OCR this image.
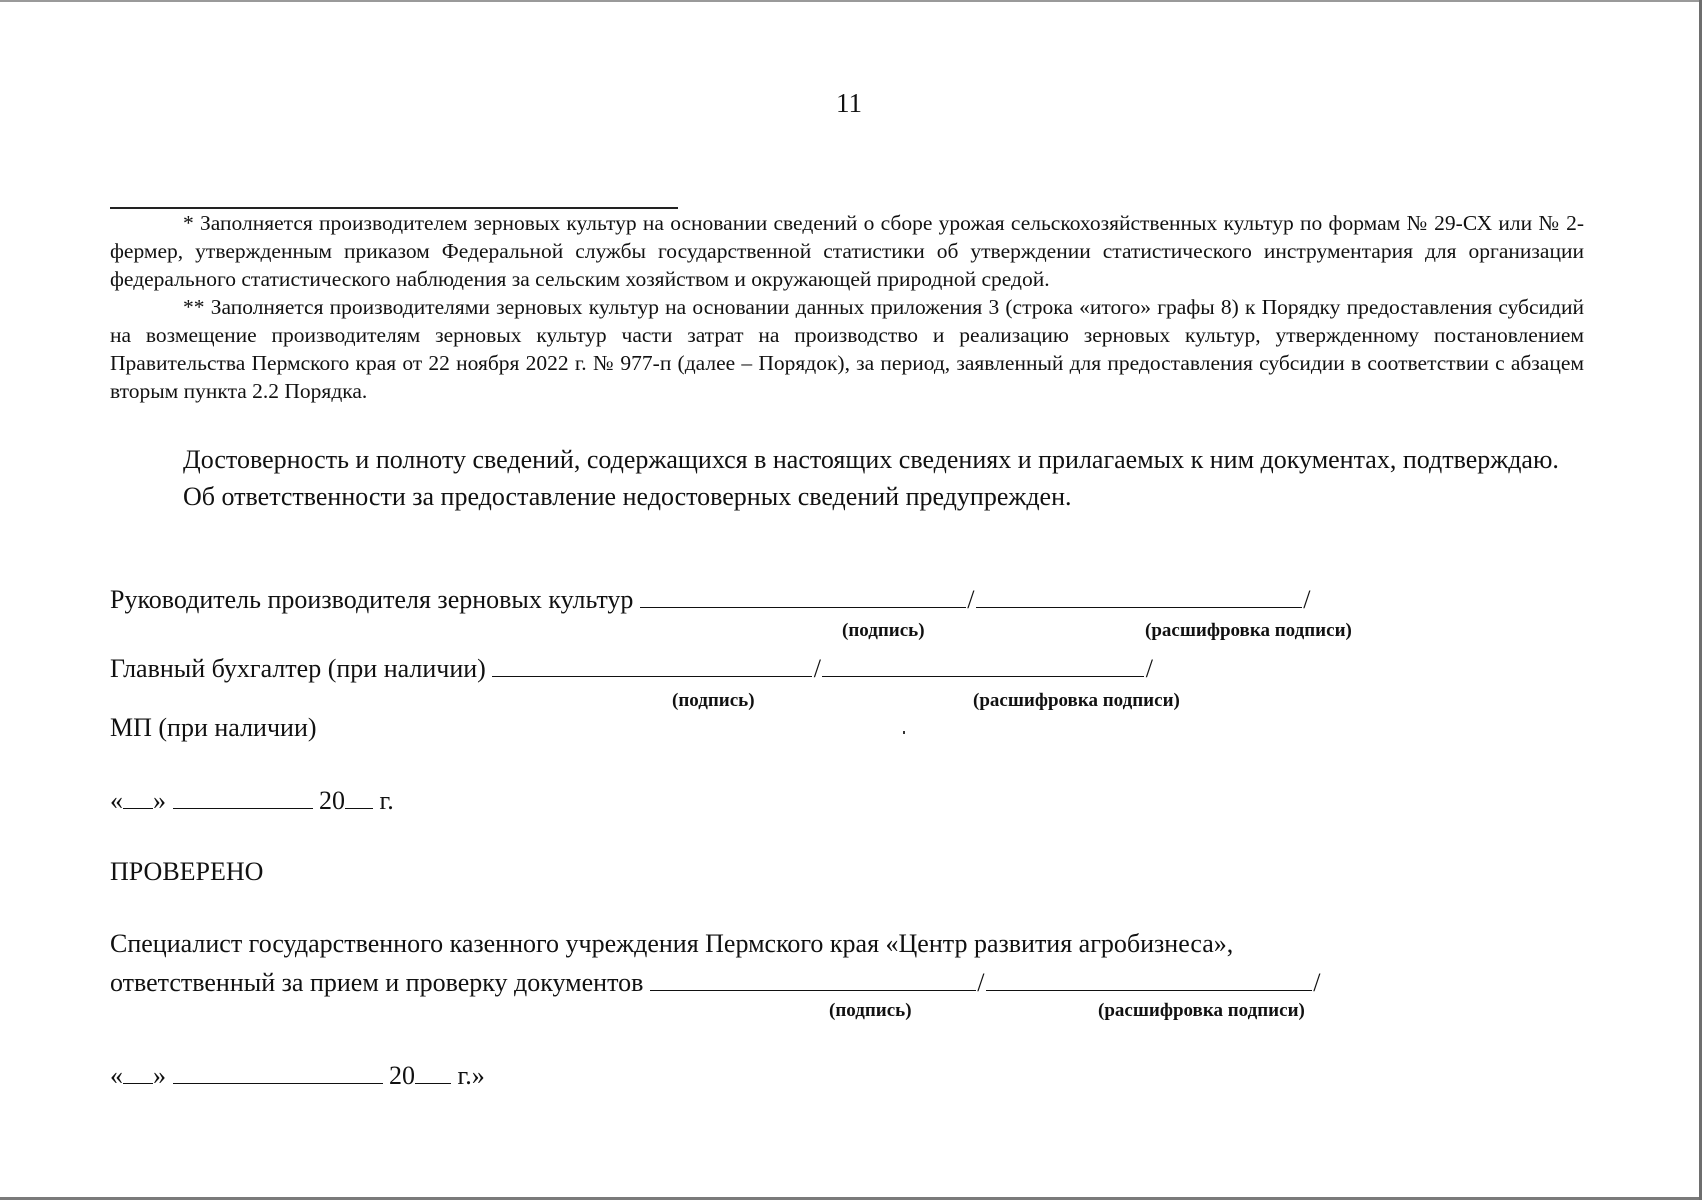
11

* Заполняется производителем зерновых культур на основании сведений о сборе урожая сельскохозяйственных культур по формам № 29-СХ или № 2-фермер, утвержденным приказом Федеральной службы государственной статистики об утверждении статистического инструментария для организации федерального статистического наблюдения за сельским хозяйством и окружающей природной средой.

** Заполняется производителями зерновых культур на основании данных приложения 3 (строка «итого» графы 8) к Порядку предоставления субсидий на возмещение производителям зерновых культур части затрат на производство и реализацию зерновых культур, утвержденному постановлением Правительства Пермского края от 22 ноября 2022 г. № 977-п (далее – Порядок), за период, заявленный для предоставления субсидии в соответствии с абзацем вторым пункта 2.2 Порядка.

Достоверность и полноту сведений, содержащихся в настоящих сведениях и прилагаемых к ним документах, подтверждаю.

Об ответственности за предоставление недостоверных сведений предупрежден.

Руководитель производителя зерновых культур	/	/
(подпись)	(расшифровка подписи)
Главный бухгалтер (при наличии)	/	/
(подпись)	(расшифровка подписи)
МП (при наличии)
« »	20 г.
ПРОВЕРЕНО
Специалист государственного казенного учреждения Пермского края «Центр развития агробизнеса»,
ответственный за прием и проверку документов	/	/
(подпись)	(расшифровка подписи)
« »	20 г.»
